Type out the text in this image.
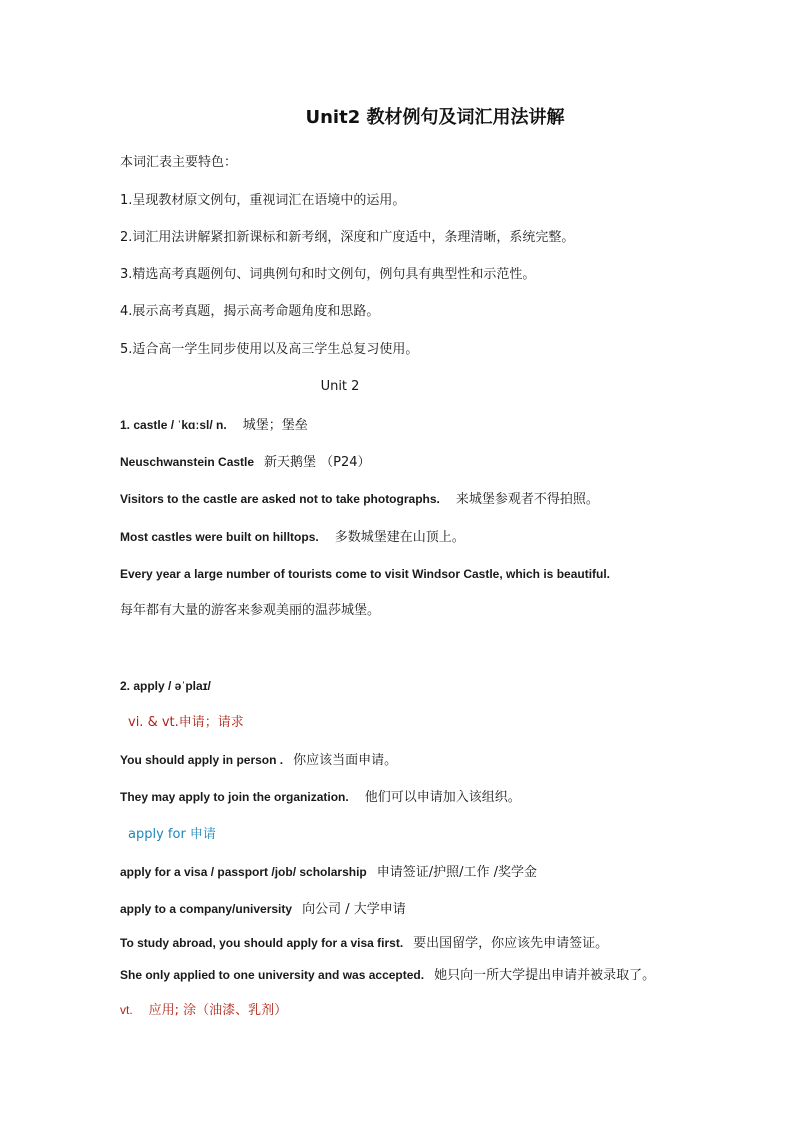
Unit2 教材例句及词汇用法讲解
本词汇表主要特色：
1.呈现教材原文例句，重视词汇在语境中的运用。
2.词汇用法讲解紧扣新课标和新考纲，深度和广度适中，条理清晰，系统完整。
3.精选高考真题例句、词典例句和时文例句，例句具有典型性和示范性。
4.展示高考真题，揭示高考命题角度和思路。
5.适合高一学生同步使用以及高三学生总复习使用。
Unit 2
1. castle / ˈkɑːsl/ n. 城堡；堡垒
Neuschwanstein Castle 新天鹅堡 （P24）
Visitors to the castle are asked not to take photographs. 来城堡参观者不得拍照。
Most castles were built on hilltops. 多数城堡建在山顶上。
Every year a large number of tourists come to visit Windsor Castle, which is beautiful.
每年都有大量的游客来参观美丽的温莎城堡。
2. apply / əˈplaɪ/
vi. & vt.申请；请求
You should apply in person . 你应该当面申请。
They may apply to join the organization. 他们可以申请加入该组织。
apply for 申请
apply for a visa / passport /job/ scholarship 申请签证/护照/工作 /奖学金
apply to a company/university 向公司 / 大学申请
To study abroad, you should apply for a visa first. 要出国留学，你应该先申请签证。
She only applied to one university and was accepted. 她只向一所大学提出申请并被录取了。
vt. 应用; 涂（油漆、乳剂）
